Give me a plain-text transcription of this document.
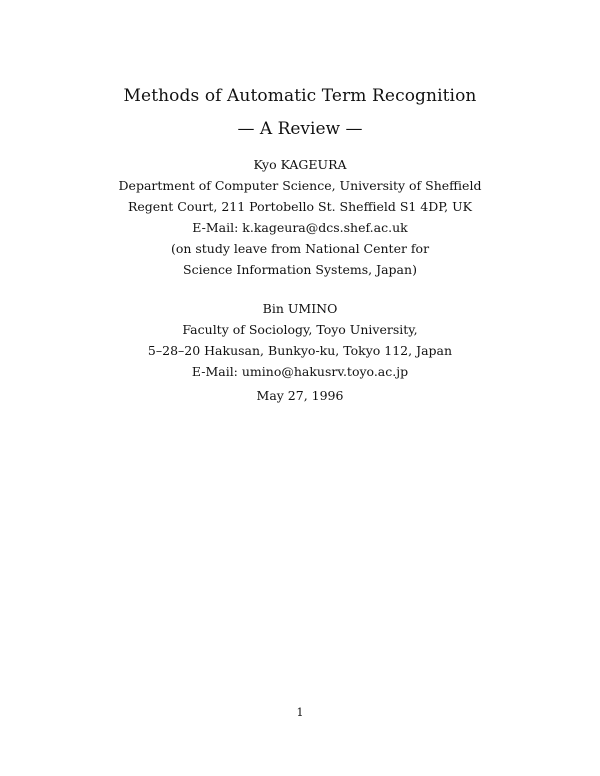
Methods of Automatic Term Recognition
— A Review —
Kyo KAGEURA
Department of Computer Science, University of Sheffield
Regent Court, 211 Portobello St. Sheffield S1 4DP, UK
E-Mail: k.kageura@dcs.shef.ac.uk
(on study leave from National Center for
Science Information Systems, Japan)
Bin UMINO
Faculty of Sociology, Toyo University,
5–28–20 Hakusan, Bunkyo-ku, Tokyo 112, Japan
E-Mail: umino@hakusrv.toyo.ac.jp
May 27, 1996
1
